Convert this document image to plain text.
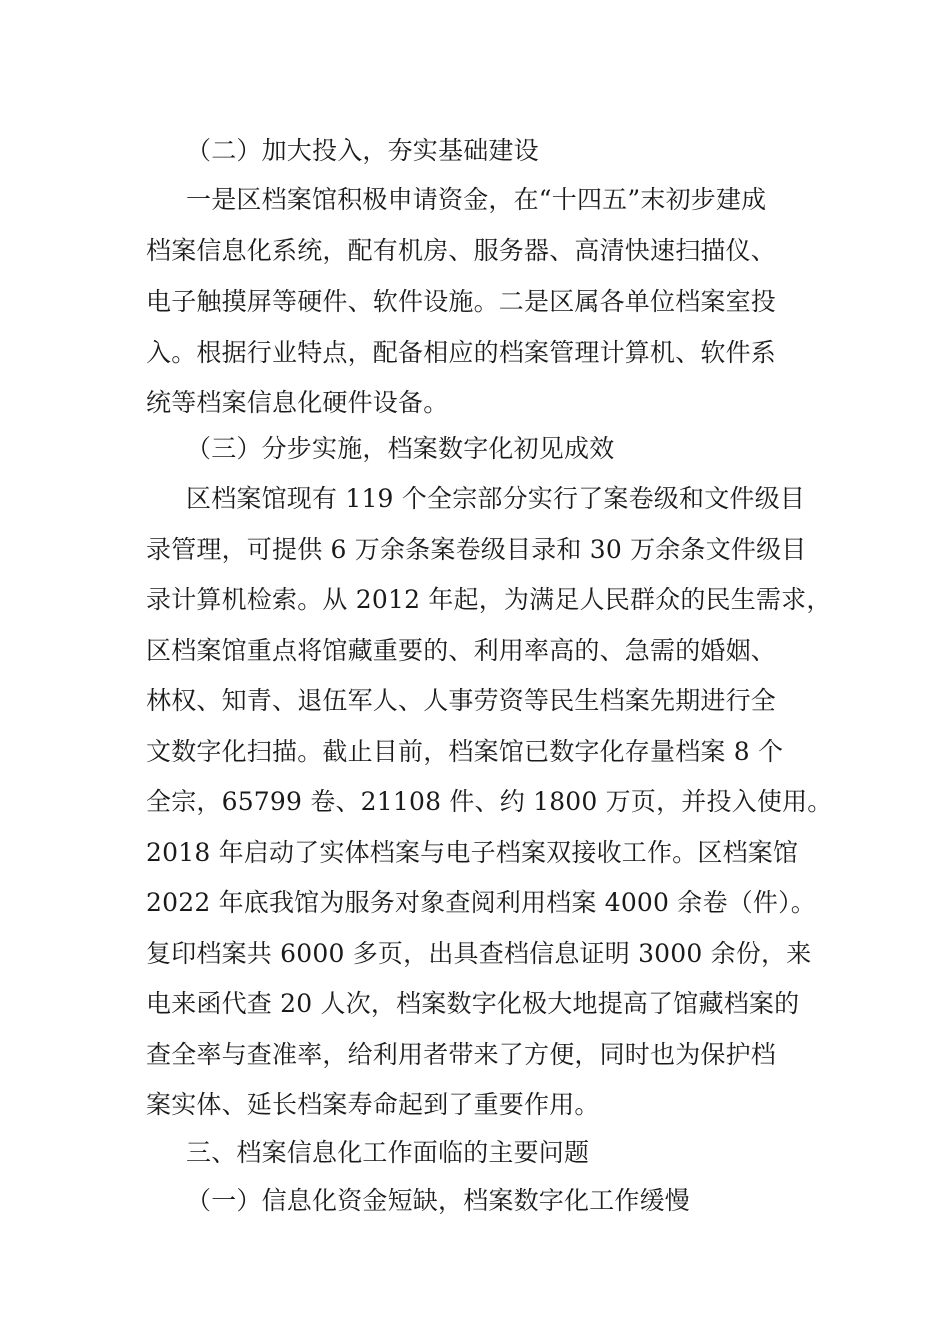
（二）加大投入，夯实基础建设
一是区档案馆积极申请资金，在“十四五”末初步建成
档案信息化系统，配有机房、服务器、高清快速扫描仪、
电子触摸屏等硬件、软件设施。二是区属各单位档案室投
入。根据行业特点，配备相应的档案管理计算机、软件系
统等档案信息化硬件设备。
（三）分步实施，档案数字化初见成效
区档案馆现有 119 个全宗部分实行了案卷级和文件级目
录管理，可提供 6 万余条案卷级目录和 30 万余条文件级目
录计算机检索。从 2012 年起，为满足人民群众的民生需求，
区档案馆重点将馆藏重要的、利用率高的、急需的婚姻、
林权、知青、退伍军人、人事劳资等民生档案先期进行全
文数字化扫描。截止目前，档案馆已数字化存量档案 8 个
全宗，65799 卷、21108 件、约 1800 万页，并投入使用。
2018 年启动了实体档案与电子档案双接收工作。区档案馆
2022 年底我馆为服务对象查阅利用档案 4000 余卷（件）。
复印档案共 6000 多页，出具查档信息证明 3000 余份，来
电来函代查 20 人次，档案数字化极大地提高了馆藏档案的
查全率与查准率，给利用者带来了方便，同时也为保护档
案实体、延长档案寿命起到了重要作用。
三、档案信息化工作面临的主要问题
（一）信息化资金短缺，档案数字化工作缓慢
